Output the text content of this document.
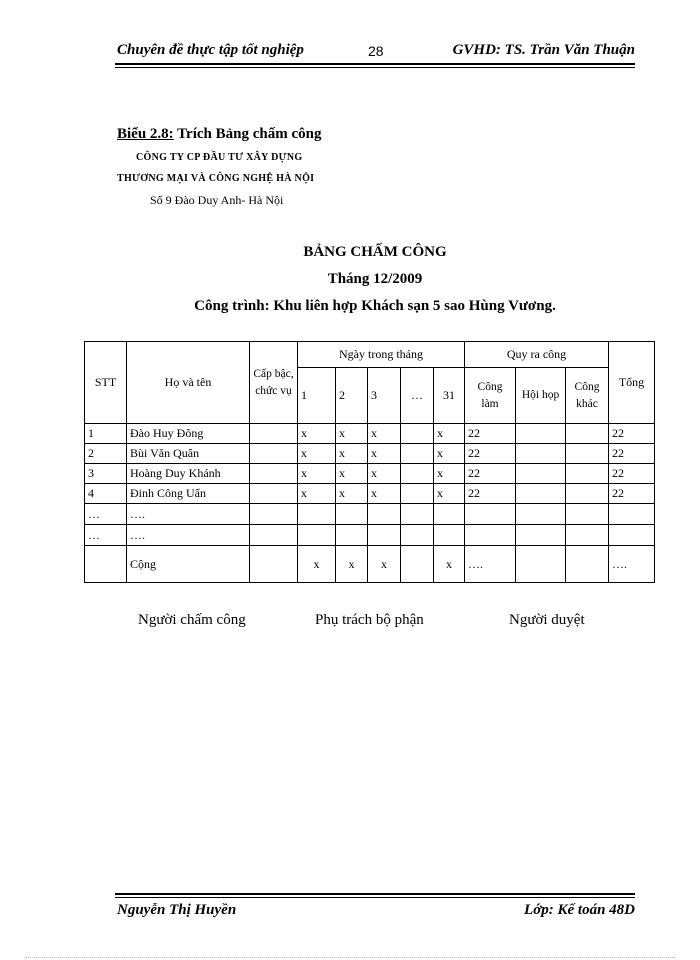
Chuyên đề thực tập tốt nghiệp	28	GVHD: TS. Trần Văn Thuận
Biểu 2.8: Trích Bảng chấm công
CÔNG TY CP ĐẦU TƯ XÂY DỰNG
THƯƠNG MẠI VÀ CÔNG NGHỆ HÀ NỘI
Số 9 Đào Duy Anh- Hà Nội
BẢNG CHẤM CÔNG
Tháng 12/2009
Công trình: Khu liên hợp Khách sạn 5 sao Hùng Vương.
STT	Họ và tên	Cấp bậc, chức vụ	Ngày trong tháng					Quy ra công			Tổng
			1	2	3	…	31	Công làm	Hội họp	Công khác	
1	Đào Huy Đông		x	x	x		x	22			22
2	Bùi Văn Quân		x	x	x		x	22			22
3	Hoàng Duy Khánh		x	x	x		x	22			22
4	Đinh Công Uẩn		x	x	x		x	22			22
…	….										
…	….										
	Cộng		x	x	x		x	….			….
Người chấm công	Phụ trách bộ phận	Người duyệt
Nguyễn Thị Huyền	Lớp: Kế toán 48D
